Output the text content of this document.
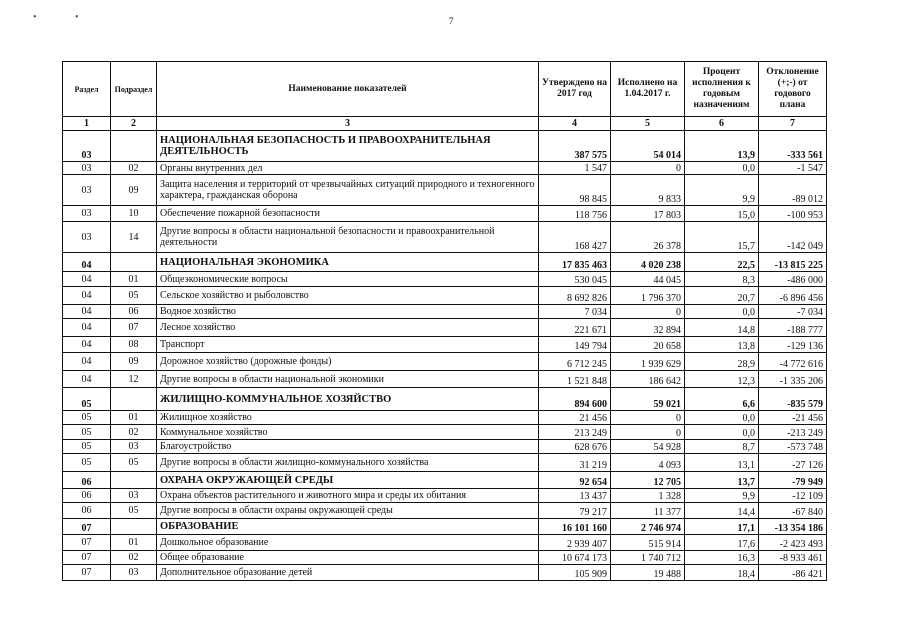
• •	7
Раздел	Подраздел	Наименование показателей	Утверждено на 2017 год	Исполнено на 1.04.2017 г.	Процент исполнения к годовым назначениям	Отклонение (+;-) от годового плана
1	2	3	4	5	6	7
03		НАЦИОНАЛЬНАЯ БЕЗОПАСНОСТЬ И ПРАВООХРАНИТЕЛЬНАЯ ДЕЯТЕЛЬНОСТЬ	387 575	54 014	13,9	-333 561
03	02	Органы внутренних дел	1 547	0	0,0	-1 547
03	09	Защита населения и территорий от чрезвычайных ситуаций природного и техногенного характера, гражданская оборона	98 845	9 833	9,9	-89 012
03	10	Обеспечение пожарной безопасности	118 756	17 803	15,0	-100 953
03	14	Другие вопросы в области национальной безопасности и правоохранительной деятельности	168 427	26 378	15,7	-142 049
04		НАЦИОНАЛЬНАЯ ЭКОНОМИКА	17 835 463	4 020 238	22,5	-13 815 225
04	01	Общеэкономические вопросы	530 045	44 045	8,3	-486 000
04	05	Сельское хозяйство и рыболовство	8 692 826	1 796 370	20,7	-6 896 456
04	06	Водное хозяйство	7 034	0	0,0	-7 034
04	07	Лесное хозяйство	221 671	32 894	14,8	-188 777
04	08	Транспорт	149 794	20 658	13,8	-129 136
04	09	Дорожное хозяйство (дорожные фонды)	6 712 245	1 939 629	28,9	-4 772 616
04	12	Другие вопросы в области национальной экономики	1 521 848	186 642	12,3	-1 335 206
05		ЖИЛИЩНО-КОММУНАЛЬНОЕ ХОЗЯЙСТВО	894 600	59 021	6,6	-835 579
05	01	Жилищное хозяйство	21 456	0	0,0	-21 456
05	02	Коммунальное хозяйство	213 249	0	0,0	-213 249
05	03	Благоустройство	628 676	54 928	8,7	-573 748
05	05	Другие вопросы в области жилищно-коммунального хозяйства	31 219	4 093	13,1	-27 126
06		ОХРАНА ОКРУЖАЮЩЕЙ СРЕДЫ	92 654	12 705	13,7	-79 949
06	03	Охрана объектов растительного и животного мира и среды их обитания	13 437	1 328	9,9	-12 109
06	05	Другие вопросы в области охраны окружающей среды	79 217	11 377	14,4	-67 840
07		ОБРАЗОВАНИЕ	16 101 160	2 746 974	17,1	-13 354 186
07	01	Дошкольное образование	2 939 407	515 914	17,6	-2 423 493
07	02	Общее образование	10 674 173	1 740 712	16,3	-8 933 461
07	03	Дополнительное образование детей	105 909	19 488	18,4	-86 421
